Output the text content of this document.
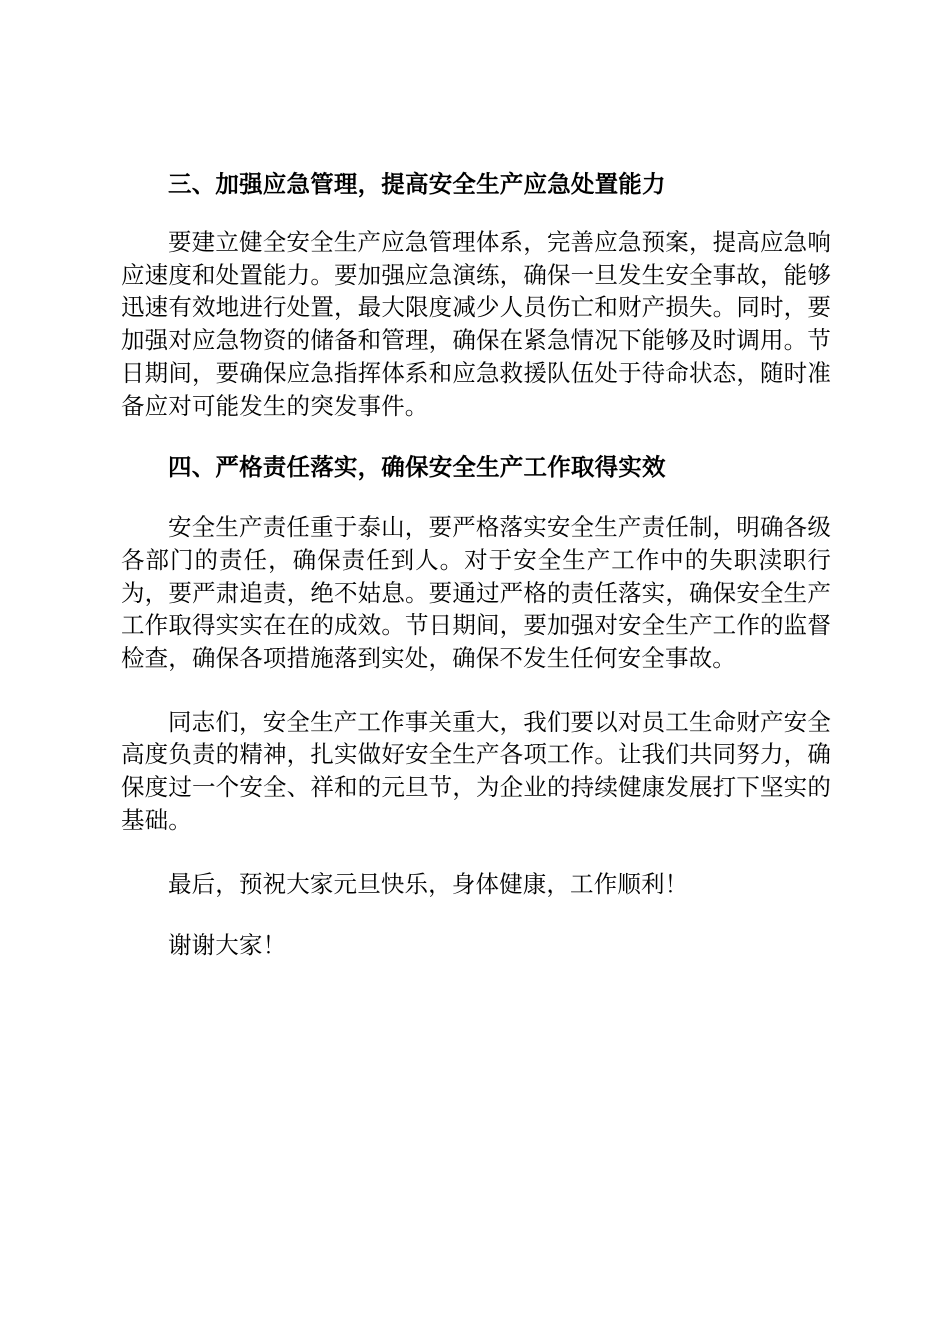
三、加强应急管理，提高安全生产应急处置能力

要建立健全安全生产应急管理体系，完善应急预案，提高应急响应速度和处置能力。要加强应急演练，确保一旦发生安全事故，能够迅速有效地进行处置，最大限度减少人员伤亡和财产损失。同时，要加强对应急物资的储备和管理，确保在紧急情况下能够及时调用。节日期间，要确保应急指挥体系和应急救援队伍处于待命状态，随时准备应对可能发生的突发事件。

四、严格责任落实，确保安全生产工作取得实效

安全生产责任重于泰山，要严格落实安全生产责任制，明确各级各部门的责任，确保责任到人。对于安全生产工作中的失职渎职行为，要严肃追责，绝不姑息。要通过严格的责任落实，确保安全生产工作取得实实在在的成效。节日期间，要加强对安全生产工作的监督检查，确保各项措施落到实处，确保不发生任何安全事故。

同志们，安全生产工作事关重大，我们要以对员工生命财产安全高度负责的精神，扎实做好安全生产各项工作。让我们共同努力，确保度过一个安全、祥和的元旦节，为企业的持续健康发展打下坚实的基础。

最后，预祝大家元旦快乐，身体健康，工作顺利！

谢谢大家！
